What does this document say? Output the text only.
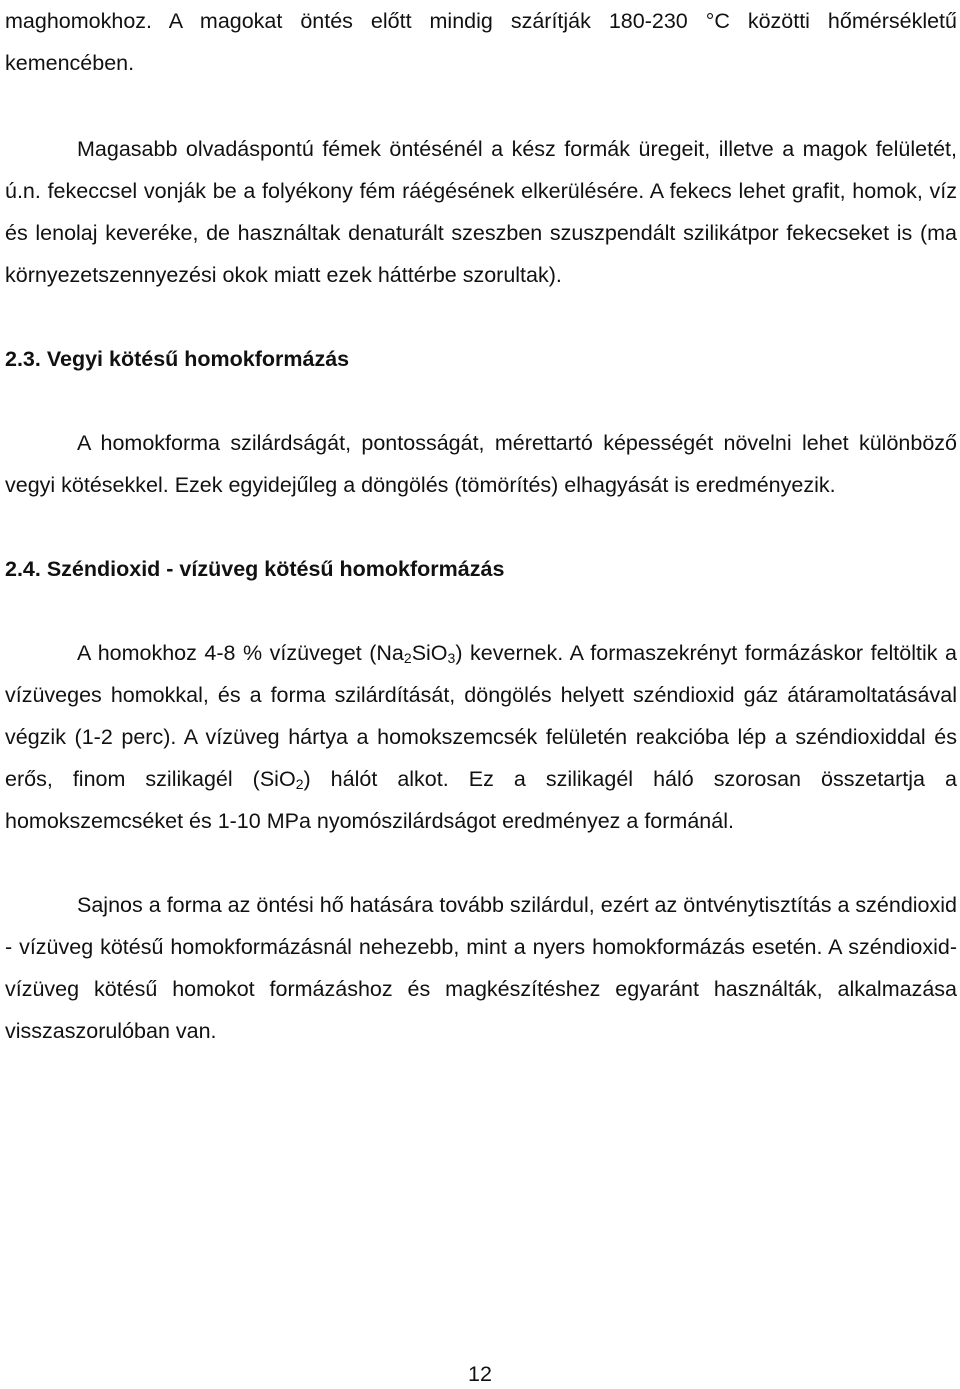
maghomokhoz. A magokat öntés előtt mindig szárítják 180-230 °C közötti hőmérsékletű kemencében.

Magasabb olvadáspontú fémek öntésénél a kész formák üregeit, illetve a magok felületét, ú.n. fekeccsel vonják be a folyékony fém ráégésének elkerülésére. A fekecs lehet grafit, homok, víz és lenolaj keveréke, de használtak denaturált szeszben szuszpendált szilikátpor fekecseket is (ma környezetszennyezési okok miatt ezek háttérbe szorultak).

2.3. Vegyi kötésű homokformázás

A homokforma szilárdságát, pontosságát, mérettartó képességét növelni lehet különböző vegyi kötésekkel. Ezek egyidejűleg a döngölés (tömörítés) elhagyását is eredményezik.

2.4. Széndioxid - vízüveg kötésű homokformázás

A homokhoz 4-8 % vízüveget $(Na_2SiO_3)$ kevernek. A formaszekrényt formázáskor feltöltik a vízüveges homokkal, és a forma szilárdítását, döngölés helyett széndioxid gáz átáramoltatásával végzik (1-2 perc). A vízüveg hártya a homokszemcsék felületén reakcióba lép a széndioxiddal és erős, finom szilikagél (SiO$_2$) hálót alkot. Ez a szilikagél háló szorosan összetartja a homokszemcséket és 1-10 MPa nyomószilárdságot eredményez a formánál.

Sajnos a forma az öntési hő hatására tovább szilárdul, ezért az öntvénytisztítás a széndioxid - vízüveg kötésű homokformázásnál nehezebb, mint a nyers homokformázás esetén. A széndioxid-vízüveg kötésű homokot formázáshoz és magkészítéshez egyaránt használták, alkalmazása visszaszorulóban van.

12
